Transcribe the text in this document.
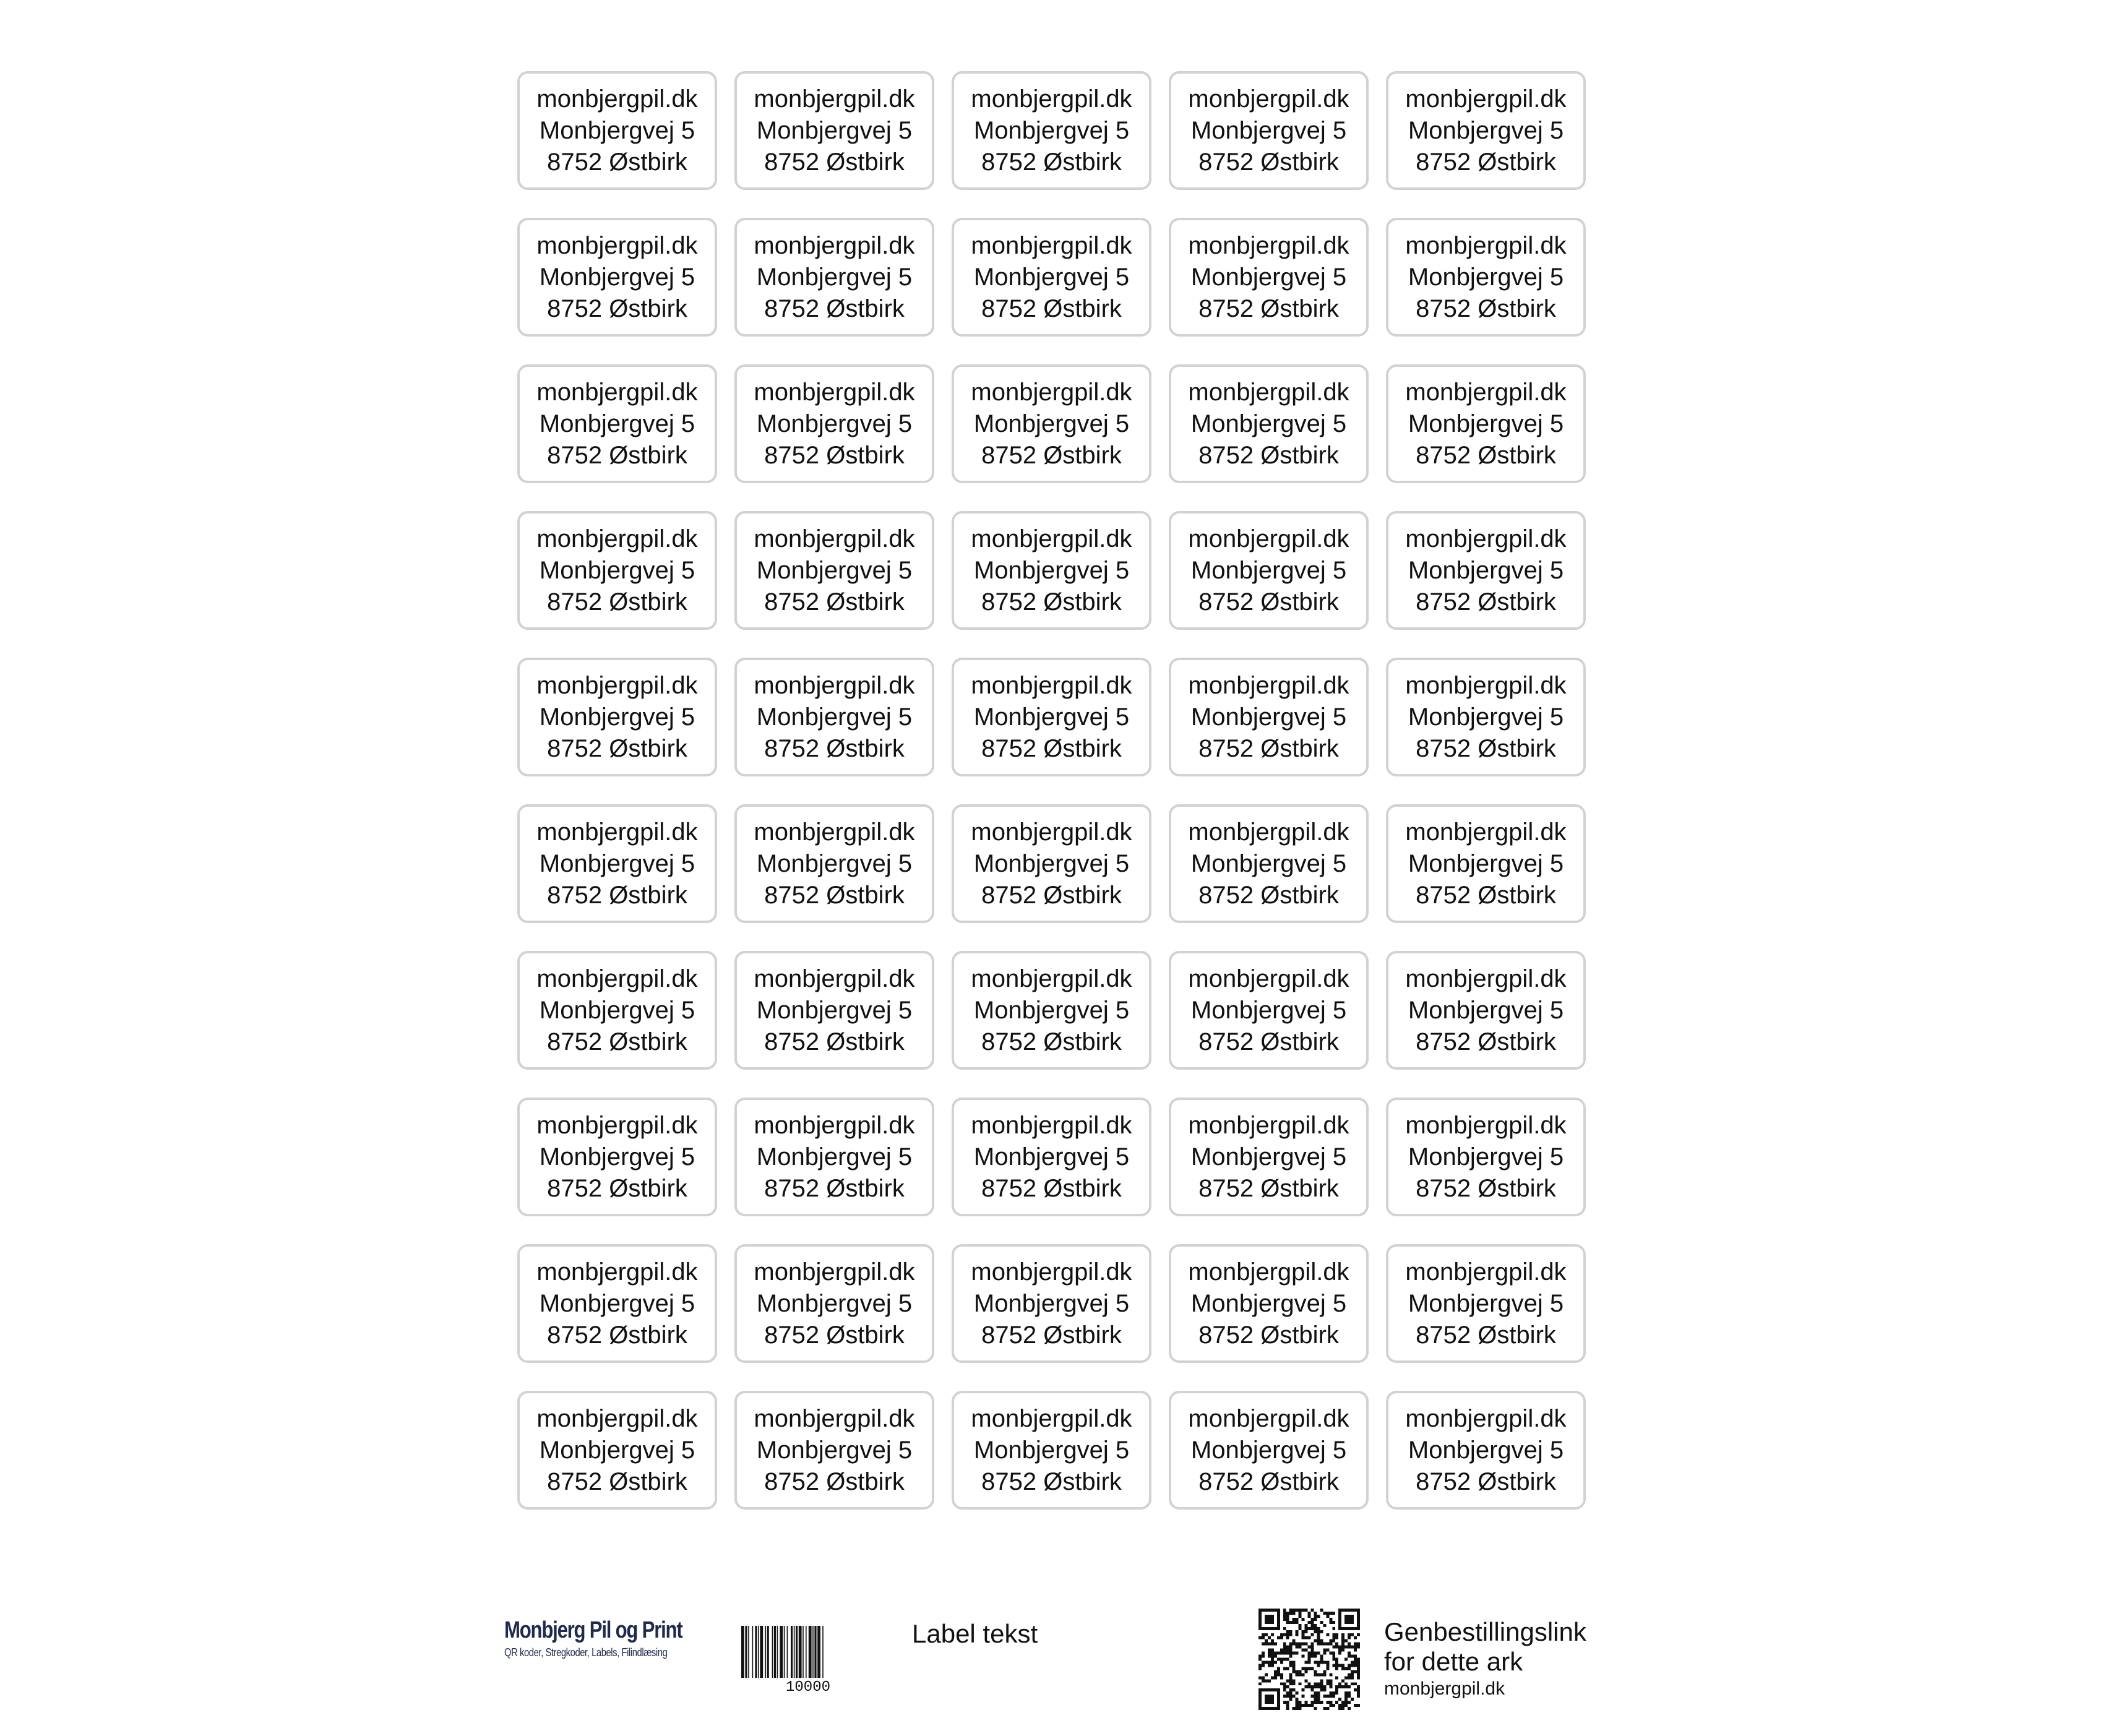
monbjergpil.dk
Monbjergvej 5
8752 Østbirk
monbjergpil.dk
Monbjergvej 5
8752 Østbirk
monbjergpil.dk
Monbjergvej 5
8752 Østbirk
monbjergpil.dk
Monbjergvej 5
8752 Østbirk
monbjergpil.dk
Monbjergvej 5
8752 Østbirk
monbjergpil.dk
Monbjergvej 5
8752 Østbirk
monbjergpil.dk
Monbjergvej 5
8752 Østbirk
monbjergpil.dk
Monbjergvej 5
8752 Østbirk
monbjergpil.dk
Monbjergvej 5
8752 Østbirk
monbjergpil.dk
Monbjergvej 5
8752 Østbirk
monbjergpil.dk
Monbjergvej 5
8752 Østbirk
monbjergpil.dk
Monbjergvej 5
8752 Østbirk
monbjergpil.dk
Monbjergvej 5
8752 Østbirk
monbjergpil.dk
Monbjergvej 5
8752 Østbirk
monbjergpil.dk
Monbjergvej 5
8752 Østbirk
monbjergpil.dk
Monbjergvej 5
8752 Østbirk
monbjergpil.dk
Monbjergvej 5
8752 Østbirk
monbjergpil.dk
Monbjergvej 5
8752 Østbirk
monbjergpil.dk
Monbjergvej 5
8752 Østbirk
monbjergpil.dk
Monbjergvej 5
8752 Østbirk
monbjergpil.dk
Monbjergvej 5
8752 Østbirk
monbjergpil.dk
Monbjergvej 5
8752 Østbirk
monbjergpil.dk
Monbjergvej 5
8752 Østbirk
monbjergpil.dk
Monbjergvej 5
8752 Østbirk
monbjergpil.dk
Monbjergvej 5
8752 Østbirk
monbjergpil.dk
Monbjergvej 5
8752 Østbirk
monbjergpil.dk
Monbjergvej 5
8752 Østbirk
monbjergpil.dk
Monbjergvej 5
8752 Østbirk
monbjergpil.dk
Monbjergvej 5
8752 Østbirk
monbjergpil.dk
Monbjergvej 5
8752 Østbirk
monbjergpil.dk
Monbjergvej 5
8752 Østbirk
monbjergpil.dk
Monbjergvej 5
8752 Østbirk
monbjergpil.dk
Monbjergvej 5
8752 Østbirk
monbjergpil.dk
Monbjergvej 5
8752 Østbirk
monbjergpil.dk
Monbjergvej 5
8752 Østbirk
monbjergpil.dk
Monbjergvej 5
8752 Østbirk
monbjergpil.dk
Monbjergvej 5
8752 Østbirk
monbjergpil.dk
Monbjergvej 5
8752 Østbirk
monbjergpil.dk
Monbjergvej 5
8752 Østbirk
monbjergpil.dk
Monbjergvej 5
8752 Østbirk
monbjergpil.dk
Monbjergvej 5
8752 Østbirk
monbjergpil.dk
Monbjergvej 5
8752 Østbirk
monbjergpil.dk
Monbjergvej 5
8752 Østbirk
monbjergpil.dk
Monbjergvej 5
8752 Østbirk
monbjergpil.dk
Monbjergvej 5
8752 Østbirk
monbjergpil.dk
Monbjergvej 5
8752 Østbirk
monbjergpil.dk
Monbjergvej 5
8752 Østbirk
monbjergpil.dk
Monbjergvej 5
8752 Østbirk
monbjergpil.dk
Monbjergvej 5
8752 Østbirk
monbjergpil.dk
Monbjergvej 5
8752 Østbirk
Monbjerg Pil og Print
QR koder, Stregkoder, Labels, Filindlæsing
10000
Label tekst	Genbestillingslink
for dette ark
monbjergpil.dk
